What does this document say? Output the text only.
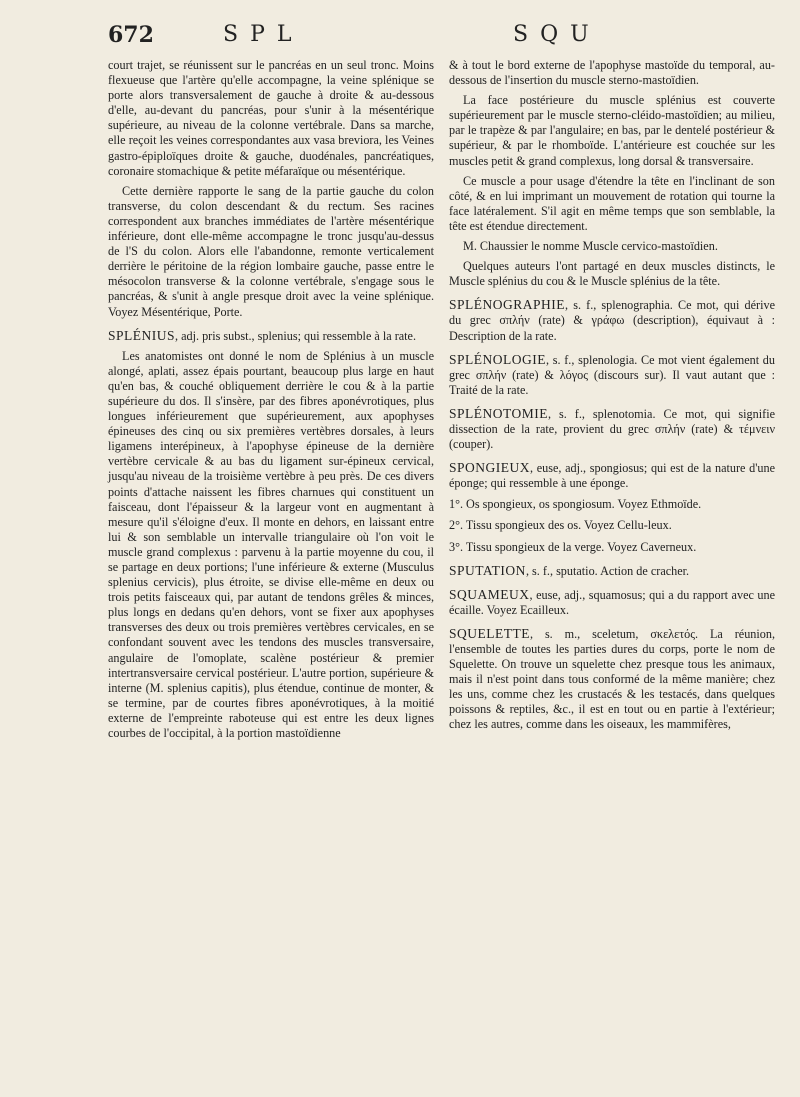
672	SPL	SQU

court trajet, se réunissent sur le pancréas en un seul tronc. Moins flexueuse que l'artère qu'elle accompagne, la veine splénique se porte alors transversalement de gauche à droite & au-dessous d'elle, au-devant du pancréas, pour s'unir à la mésentérique supérieure, au niveau de la colonne vertébrale. Dans sa marche, elle reçoit les veines correspondantes aux vasa breviora, les Veines gastro-épiploïques droite & gauche, duodénales, pancréatiques, coronaire stomachique & petite méfaraïque ou mésentérique.

Cette dernière rapporte le sang de la partie gauche du colon transverse, du colon descendant & du rectum. Ses racines correspondent aux branches immédiates de l'artère mésentérique inférieure, dont elle-même accompagne le tronc jusqu'au-dessus de l'S du colon. Alors elle l'abandonne, remonte verticalement derrière le péritoine de la région lombaire gauche, passe entre le mésocolon transverse & la colonne vertébrale, s'engage sous le pancréas, & s'unit à angle presque droit avec la veine splénique. Voyez Mésentérique, Porte.

SPLÉNIUS, adj. pris subst., splenius; qui ressemble à la rate.

Les anatomistes ont donné le nom de Splénius à un muscle alongé, aplati, assez épais pourtant, beaucoup plus large en haut qu'en bas, & couché obliquement derrière le cou & à la partie supérieure du dos. Il s'insère, par des fibres aponévrotiques, plus longues inférieurement que supérieurement, aux apophyses épineuses des cinq ou six premières vertèbres dorsales, à leurs ligamens interépineux, à l'apophyse épineuse de la dernière vertèbre cervicale & au bas du ligament sur-épineux cervical, jusqu'au niveau de la troisième vertèbre à peu près. De ces divers points d'attache naissent les fibres charnues qui constituent un faisceau, dont l'épaisseur & la largeur vont en augmentant à mesure qu'il s'éloigne d'eux. Il monte en dehors, en laissant entre lui & son semblable un intervalle triangulaire où l'on voit le muscle grand complexus : parvenu à la partie moyenne du cou, il se partage en deux portions; l'une inférieure & externe (Musculus splenius cervicis), plus étroite, se divise elle-même en deux ou trois petits faisceaux qui, par autant de tendons grêles & minces, plus longs en dedans qu'en dehors, vont se fixer aux apophyses transverses des deux ou trois premières vertèbres cervicales, en se confondant souvent avec les tendons des muscles transversaire, angulaire de l'omoplate, scalène postérieur & premier intertransversaire cervical postérieur. L'autre portion, supérieure & interne (M. splenius capitis), plus étendue, continue de monter, & se termine, par de courtes fibres aponévrotiques, à la moitié externe de l'empreinte raboteuse qui est entre les deux lignes courbes de l'occipital, à la portion mastoïdienne

& à tout le bord externe de l'apophyse mastoïde du temporal, au-dessous de l'insertion du muscle sterno-mastoïdien.

La face postérieure du muscle splénius est couverte supérieurement par le muscle sterno-cléido-mastoïdien; au milieu, par le trapèze & par l'angulaire; en bas, par le dentelé postérieur & supérieur, & par le rhomboïde. L'antérieure est couchée sur les muscles petit & grand complexus, long dorsal & transversaire.

Ce muscle a pour usage d'étendre la tête en l'inclinant de son côté, & en lui imprimant un mouvement de rotation qui tourne la face latéralement. S'il agit en même temps que son semblable, la tête est étendue directement.

M. Chaussier le nomme Muscle cervico-mastoïdien.

Quelques auteurs l'ont partagé en deux muscles distincts, le Muscle splénius du cou & le Muscle splénius de la tête.

SPLÉNOGRAPHIE, s. f., splenographia. Ce mot, qui dérive du grec σπλήν (rate) & γράφω (description), équivaut à : Description de la rate.

SPLÉNOLOGIE, s. f., splenologia. Ce mot vient également du grec σπλήν (rate) & λόγος (discours sur). Il vaut autant que : Traité de la rate.

SPLÉNOTOMIE, s. f., splenotomia. Ce mot, qui signifie dissection de la rate, provient du grec σπλήν (rate) & τέμνειν (couper).

SPONGIEUX, euse, adj., spongiosus; qui est de la nature d'une éponge; qui ressemble à une éponge.

1°. Os spongieux, os spongiosum. Voyez Ethmoïde.

2°. Tissu spongieux des os. Voyez Cellu-leux.

3°. Tissu spongieux de la verge. Voyez Caverneux.

SPUTATION, s. f., sputatio. Action de cracher.

SQUAMEUX, euse, adj., squamosus; qui a du rapport avec une écaille. Voyez Ecailleux.

SQUELETTE, s. m., sceletum, σκελετός. La réunion, l'ensemble de toutes les parties dures du corps, porte le nom de Squelette. On trouve un squelette chez presque tous les animaux, mais il n'est point dans tous conformé de la même manière; chez les uns, comme chez les crustacés & les testacés, dans quelques poissons & reptiles, &c., il est en tout ou en partie à l'extérieur; chez les autres, comme dans les oiseaux, les mammifères,
